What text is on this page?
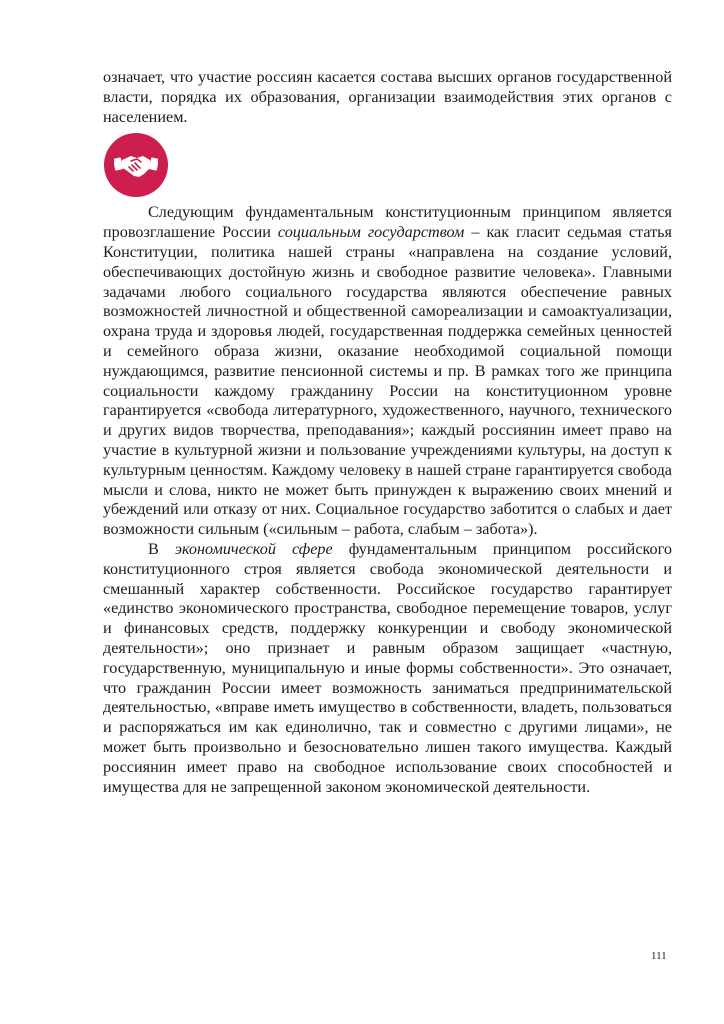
означает, что участие россиян касается состава высших органов государственной власти, порядка их образования, организации взаимодействия этих органов с населением.

Следующим фундаментальным конституционным принципом является провозглашение России социальным государством – как гласит седьмая статья Конституции, политика нашей страны «направлена на создание условий, обеспечивающих достойную жизнь и свободное развитие человека». Главными задачами любого социального государства являются обеспечение равных возможностей личностной и общественной самореализации и самоактуализации, охрана труда и здоровья людей, государственная поддержка семейных ценностей и семейного образа жизни, оказание необходимой социальной помощи нуждающимся, развитие пенсионной системы и пр. В рамках того же принципа социальности каждому гражданину России на конституционном уровне гарантируется «свобода литературного, художественного, научного, технического и других видов творчества, преподавания»; каждый россиянин имеет право на участие в культурной жизни и пользование учреждениями культуры, на доступ к культурным ценностям. Каждому человеку в нашей стране гарантируется свобода мысли и слова, никто не может быть принужден к выражению своих мнений и убеждений или отказу от них. Социальное государство заботится о слабых и дает возможности сильным («сильным – работа, слабым – забота»).

В экономической сфере фундаментальным принципом российского конституционного строя является свобода экономической деятельности и смешанный характер собственности. Российское государство гарантирует «единство экономического пространства, свободное перемещение товаров, услуг и финансовых средств, поддержку конкуренции и свободу экономической деятельности»; оно признает и равным образом защищает «частную, государственную, муниципальную и иные формы собственности». Это означает, что гражданин России имеет возможность заниматься предпринимательской деятельностью, «вправе иметь имущество в собственности, владеть, пользоваться и распоряжаться им как единолично, так и совместно с другими лицами», не может быть произвольно и безосновательно лишен такого имущества. Каждый россиянин имеет право на свободное использование своих способностей и имущества для не запрещенной законом экономической деятельности.

111
